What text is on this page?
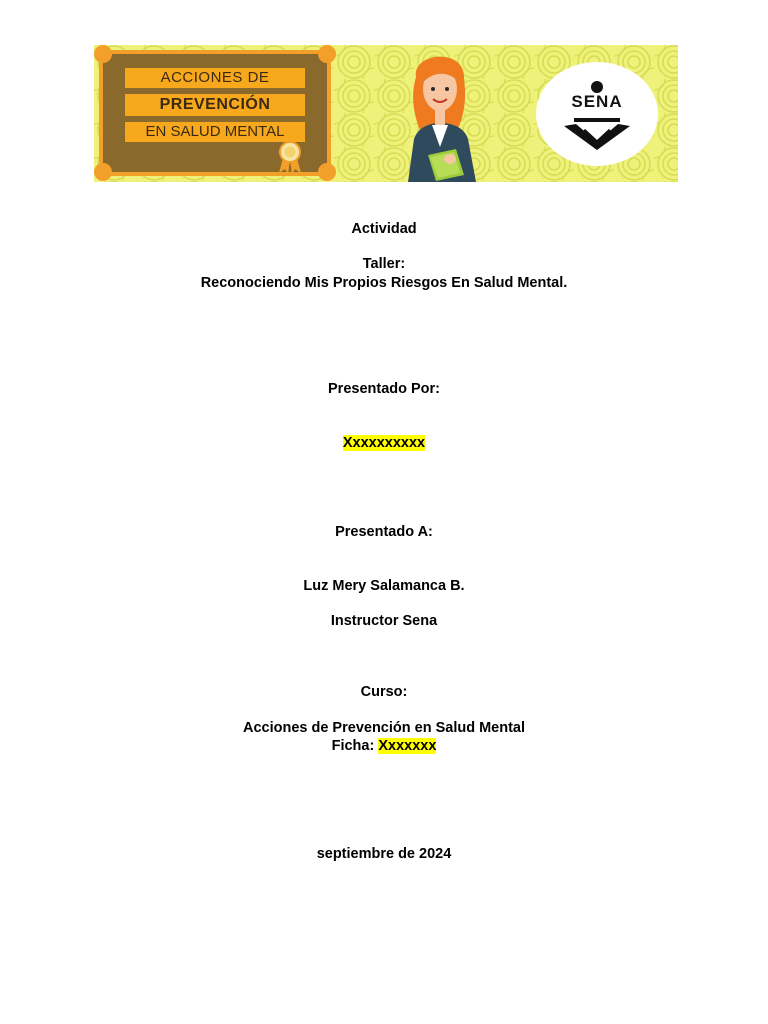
ACCIONES DE
PREVENCIÓN
EN SALUD MENTAL
SENA
Actividad
Taller:
Reconociendo Mis Propios Riesgos En Salud Mental.
Presentado Por:
Xxxxxxxxxx
Presentado A:
Luz Mery Salamanca B.
Instructor Sena
Curso:
Acciones de Prevención en Salud Mental
Ficha: Xxxxxxx
septiembre de 2024
